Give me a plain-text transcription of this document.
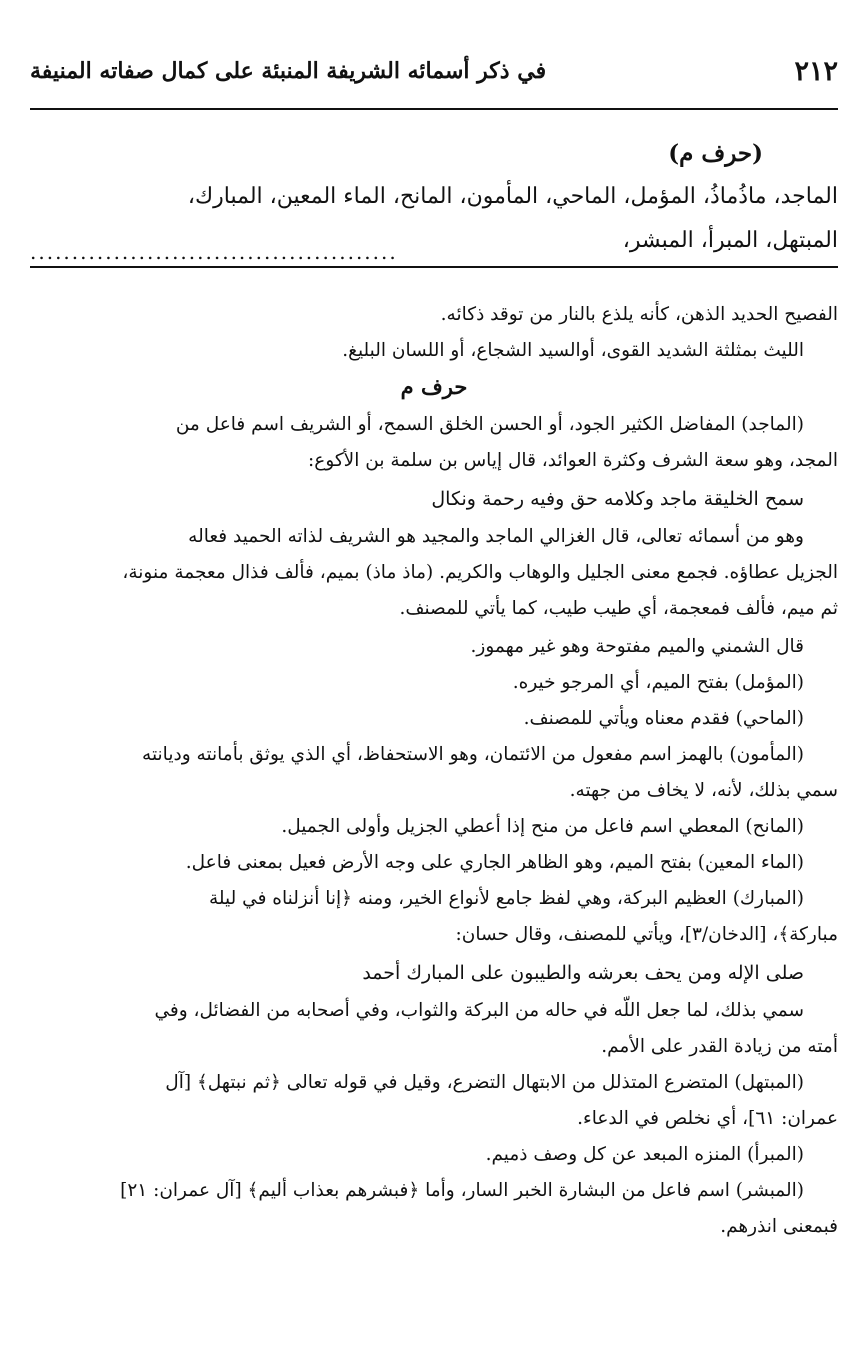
٢١٢
في ذكر أسمائه الشريفة المنبئة على كمال صفاته المنيفة
(حرف م)
الماجد، ماذُماذُ، المؤمل، الماحي، المأمون، المانح، الماء المعين، المبارك،
المبتهل، المبرأ، المبشر،
............................................
الفصيح الحديد الذهن، كأنه يلذع بالنار من توقد ذكائه.
الليث بمثلثة الشديد القوى، أوالسيد الشجاع، أو اللسان البليغ.
حرف م
(الماجد) المفاضل الكثير الجود، أو الحسن الخلق السمح، أو الشريف اسم فاعل من
المجد، وهو سعة الشرف وكثرة العوائد، قال إياس بن سلمة بن الأكوع:
سمح الخليقة ماجد وكلامه حق وفيه رحمة ونكال
وهو من أسمائه تعالى، قال الغزالي الماجد والمجيد هو الشريف لذاته الحميد فعاله
الجزيل عطاؤه. فجمع معنى الجليل والوهاب والكريم. (ماذ ماذ) بميم، فألف فذال معجمة منونة،
ثم ميم، فألف فمعجمة، أي طيب طيب، كما يأتي للمصنف.
قال الشمني والميم مفتوحة وهو غير مهموز.
(المؤمل) بفتح الميم، أي المرجو خيره.
(الماحي) فقدم معناه ويأتي للمصنف.
(المأمون) بالهمز اسم مفعول من الائتمان، وهو الاستحفاظ، أي الذي يوثق بأمانته وديانته
سمي بذلك، لأنه، لا يخاف من جهته.
(المانح) المعطي اسم فاعل من منح إذا أعطي الجزيل وأولى الجميل.
(الماء المعين) بفتح الميم، وهو الظاهر الجاري على وجه الأرض فعيل بمعنى فاعل.
(المبارك) العظيم البركة، وهي لفظ جامع لأنواع الخير، ومنه ﴿إنا أنزلناه في ليلة
مباركة﴾، [الدخان/٣]، ويأتي للمصنف، وقال حسان:
صلى الإله ومن يحف بعرشه والطيبون على المبارك أحمد
سمي بذلك، لما جعل اللّه في حاله من البركة والثواب، وفي أصحابه من الفضائل، وفي
أمته من زيادة القدر على الأمم.
(المبتهل) المتضرع المتذلل من الابتهال التضرع، وقيل في قوله تعالى ﴿ثم نبتهل﴾ [آل
عمران: ٦١]، أي نخلص في الدعاء.
(المبرأ) المنزه المبعد عن كل وصف ذميم.
(المبشر) اسم فاعل من البشارة الخبر السار، وأما ﴿فبشرهم بعذاب أليم﴾ [آل عمران: ٢١]
فبمعنى انذرهم.
